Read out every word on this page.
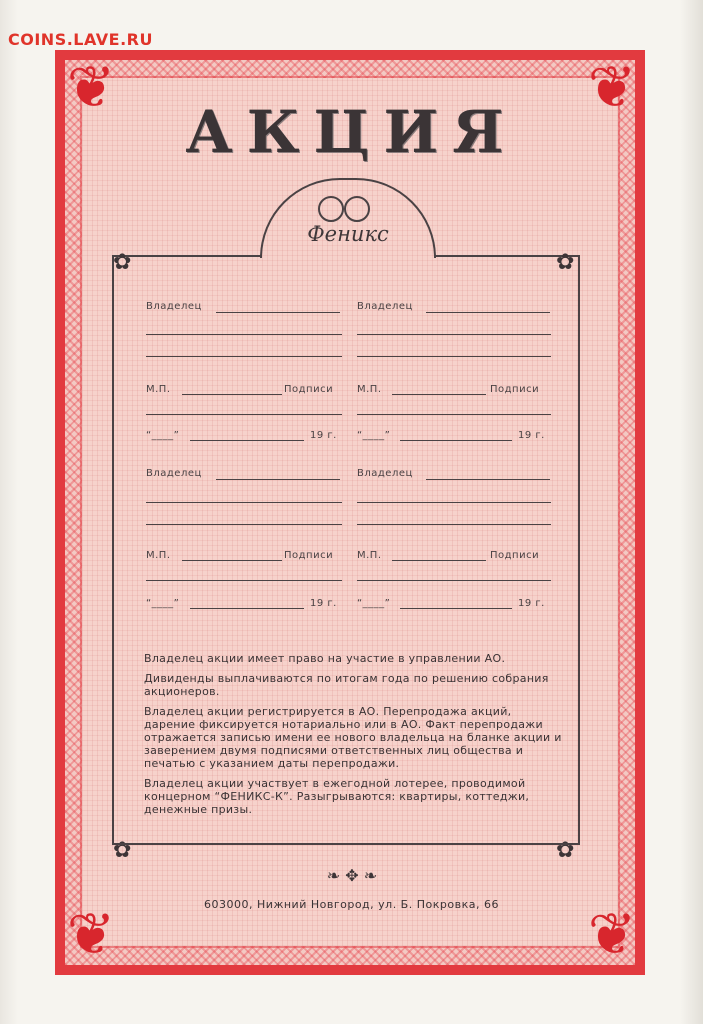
COINS.LAVE.RU
❦	❦
❦	❦
АКЦИЯ
Феникс
✿	✿
✿	✿
Владелец
М.П.	Подписи
“____”	19 г.
Владелец
М.П.	Подписи
“____”	19 г.
Владелец
М.П.	Подписи
“____”	19 г.
Владелец
М.П.	Подписи
“____”	19 г.

Владелец акции имеет право на участие в управлении АО.

Дивиденды выплачиваются по итогам года по решению собрания акционеров.

Владелец акции регистрируется в АО. Перепродажа акций, дарение фиксируется нотариально или в АО. Факт перепродажи отражается записью имени ее нового владельца на бланке акции и заверением двумя подписями ответственных лиц общества и печатью с указанием даты перепродажи.

Владелец акции участвует в ежегодной лотерее, проводимой концерном “ФЕНИКС-К”. Разыгрываются: квартиры, коттеджи, денежные призы.

❧ ✥ ❧
603000, Нижний Новгород, ул. Б. Покровка, 66
